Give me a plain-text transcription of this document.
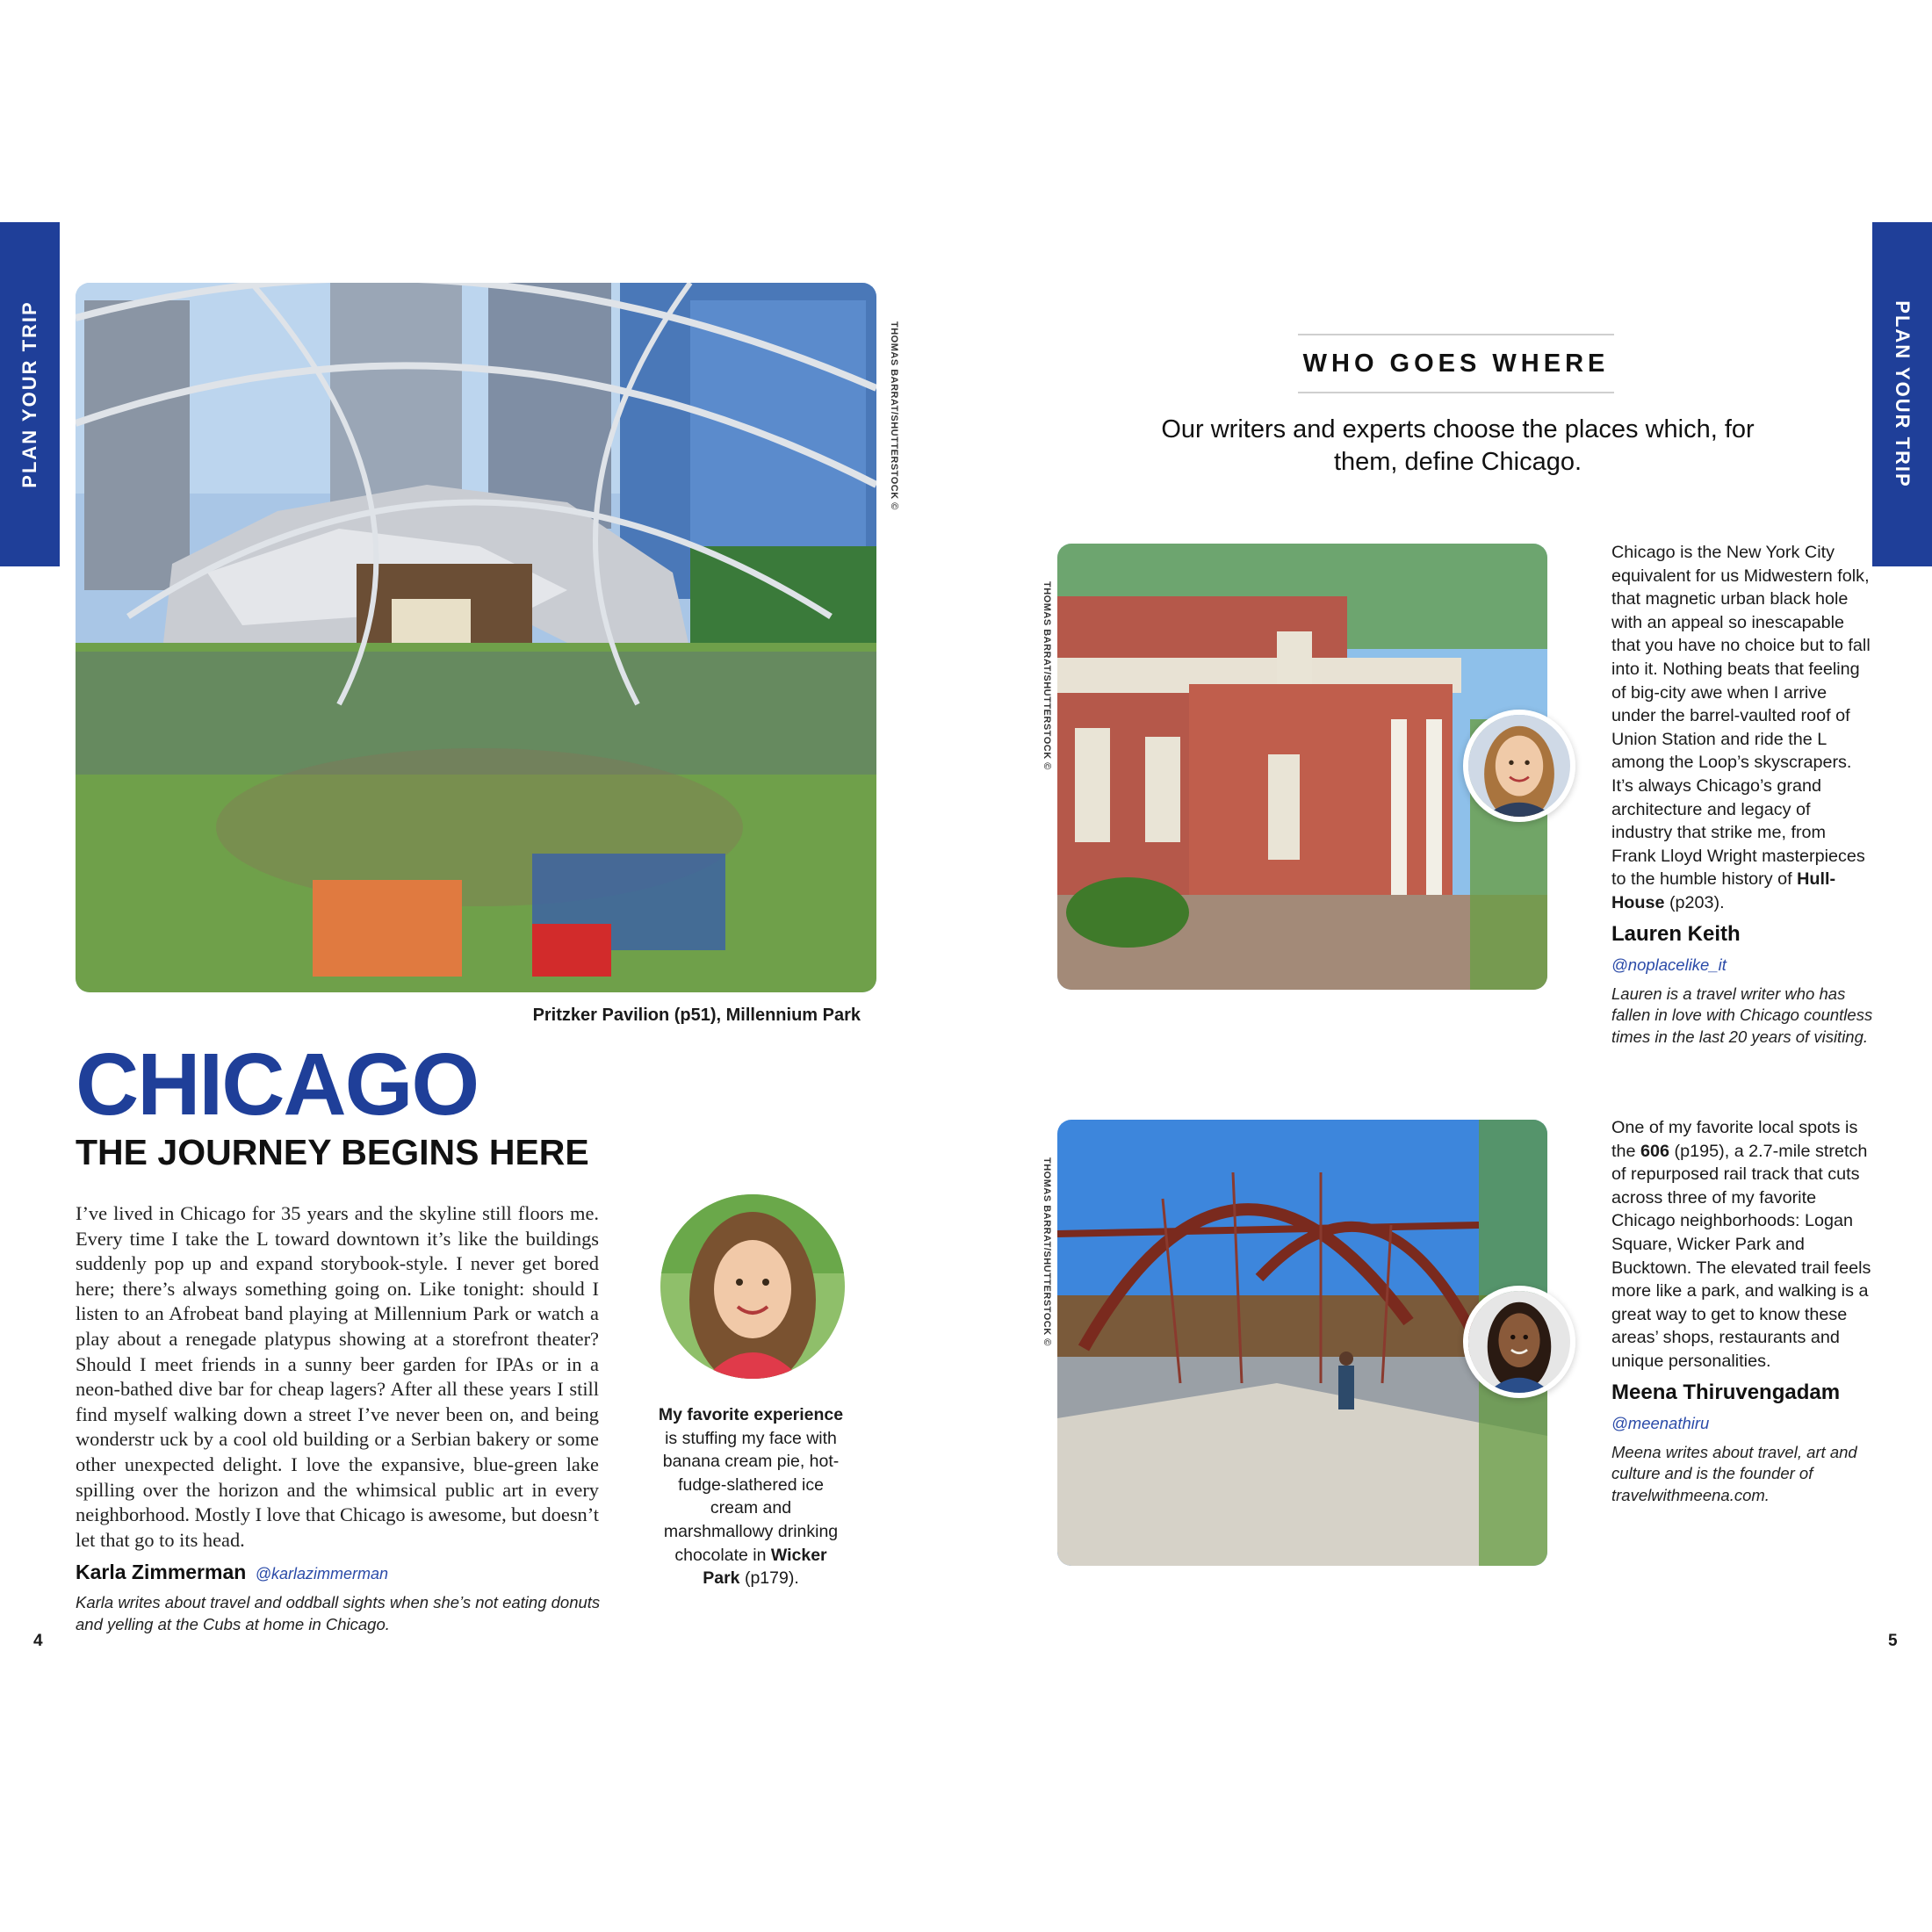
PLAN YOUR TRIP	PLAN YOUR TRIP
THOMAS BARRAT/SHUTTERSTOCK ©
Pritzker Pavilion (p51), Millennium Park
CHICAGO
THE JOURNEY BEGINS HERE

I’ve lived in Chicago for 35 years and the skyline still floors me. Every time I take the L toward downtown it’s like the buildings suddenly pop up and expand storybook-style. I never get bored here; there’s always something going on. Like tonight: should I listen to an Afrobeat band playing at Millennium Park or watch a play about a renegade platypus showing at a storefront theater? Should I meet friends in a sunny beer garden for IPAs or in a neon-bathed dive bar for cheap lagers? After all these years I still find myself walking down a street I’ve never been on, and being wonderstr uck by a cool old building or a Serbian bakery or some other unexpected delight. I love the expansive, blue-green lake spilling over the horizon and the whimsical public art in every neighborhood. Mostly I love that Chicago is awesome, but doesn’t let that go to its head.

Karla Zimmerman @karlazimmerman

Karla writes about travel and oddball sights when she’s not eating donuts and yelling at the Cubs at home in Chicago.

My favorite experience is stuffing my face with banana cream pie, hot-fudge-slathered ice cream and marshmallowy drinking chocolate in Wicker Park (p179).

4
WHO GOES WHERE

Our writers and experts choose the places which, for them, define Chicago.

THOMAS BARRAT/SHUTTERSTOCK ©

Chicago is the New York City equivalent for us Midwestern folk, that magnetic urban black hole with an appeal so inescapable that you have no choice but to fall into it. Nothing beats that feeling of big-city awe when I arrive under the barrel-vaulted roof of Union Station and ride the L among the Loop’s skyscrapers. It’s always Chicago’s grand architecture and legacy of industry that strike me, from Frank Lloyd Wright masterpieces to the humble history of Hull-House (p203).

Lauren Keith
@noplacelike_it

Lauren is a travel writer who has fallen in love with Chicago countless times in the last 20 years of visiting.

THOMAS BARRAT/SHUTTERSTOCK ©

One of my favorite local spots is the 606 (p195), a 2.7-mile stretch of repurposed rail track that cuts across three of my favorite Chicago neighborhoods: Logan Square, Wicker Park and Bucktown. The elevated trail feels more like a park, and walking is a great way to get to know these areas’ shops, restaurants and unique personalities.

Meena Thiruvengadam
@meenathiru

Meena writes about travel, art and culture and is the founder of travelwithmeena.com.

5
